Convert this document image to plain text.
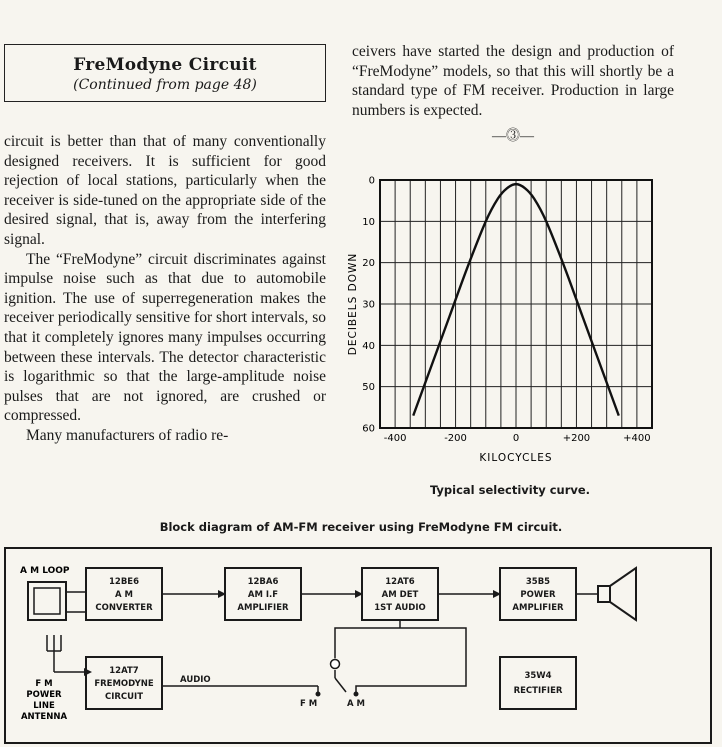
FreModyne Circuit
(Continued from page 48)

circuit is better than that of many conventionally designed receivers. It is sufficient for good rejection of local stations, particularly when the receiver is side-tuned on the appropriate side of the desired signal, that is, away from the interfering signal.

The “FreModyne” circuit discriminates against impulse noise such as that due to automobile ignition. The use of superregeneration makes the receiver periodically sensitive for short intervals, so that it completely ignores many impulses occurring between these intervals. The detector characteristic is logarithmic so that the large-amplitude noise pulses that are not ignored, are crushed or compressed.

Many manufacturers of radio re-

ceivers have started the design and production of “FreModyne” models, so that this will shortly be a standard type of FM receiver. Production in large numbers is expected.

—⓷—
0
10
20
30
40
50
60
-400	-200	0	+200	+400
KILOCYCLES
DECIBELS DOWN
Typical selectivity curve.
Block diagram of AM-FM receiver using FreModyne FM circuit.
A M LOOP
F M
POWER
LINE
ANTENNA
12BE6
A M
CONVERTER
12BA6
AM I.F
AMPLIFIER
12AT6
AM DET
1ST AUDIO
35B5
POWER
AMPLIFIER
12AT7
FREMODYNE
CIRCUIT
35W4
RECTIFIER
AUDIO
F M	A M
